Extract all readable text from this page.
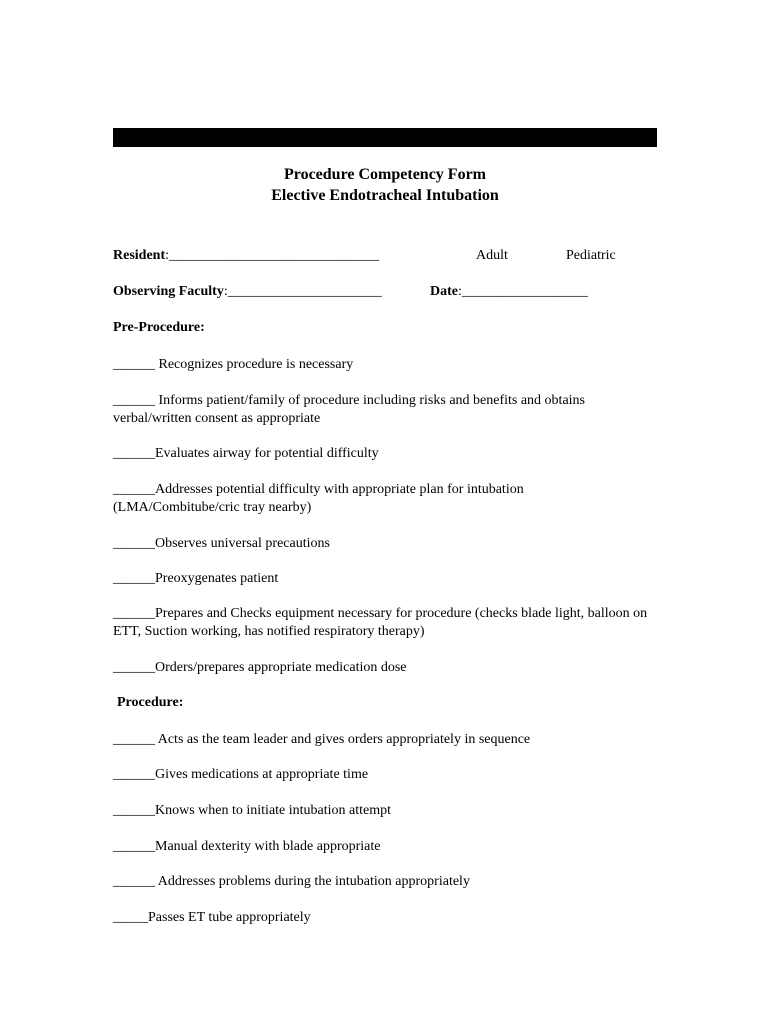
Procedure Competency Form
Elective Endotracheal Intubation
Resident:______________________________	Adult	Pediatric
Observing Faculty:______________________	Date:__________________
Pre-Procedure:
______ Recognizes procedure is necessary
______ Informs patient/family of procedure including risks and benefits and obtains verbal/written consent as appropriate
______Evaluates airway for potential difficulty
______Addresses potential difficulty with appropriate plan for intubation (LMA/Combitube/cric tray nearby)
______Observes universal precautions
______Preoxygenates patient
______Prepares and Checks equipment necessary for procedure (checks blade light, balloon on ETT, Suction working, has notified respiratory therapy)
______Orders/prepares appropriate medication dose
Procedure:
______ Acts as the team leader and gives orders appropriately in sequence
______Gives medications at appropriate time
______Knows when to initiate intubation attempt
______Manual dexterity with blade appropriate
______ Addresses problems during the intubation appropriately
_____Passes ET tube appropriately
